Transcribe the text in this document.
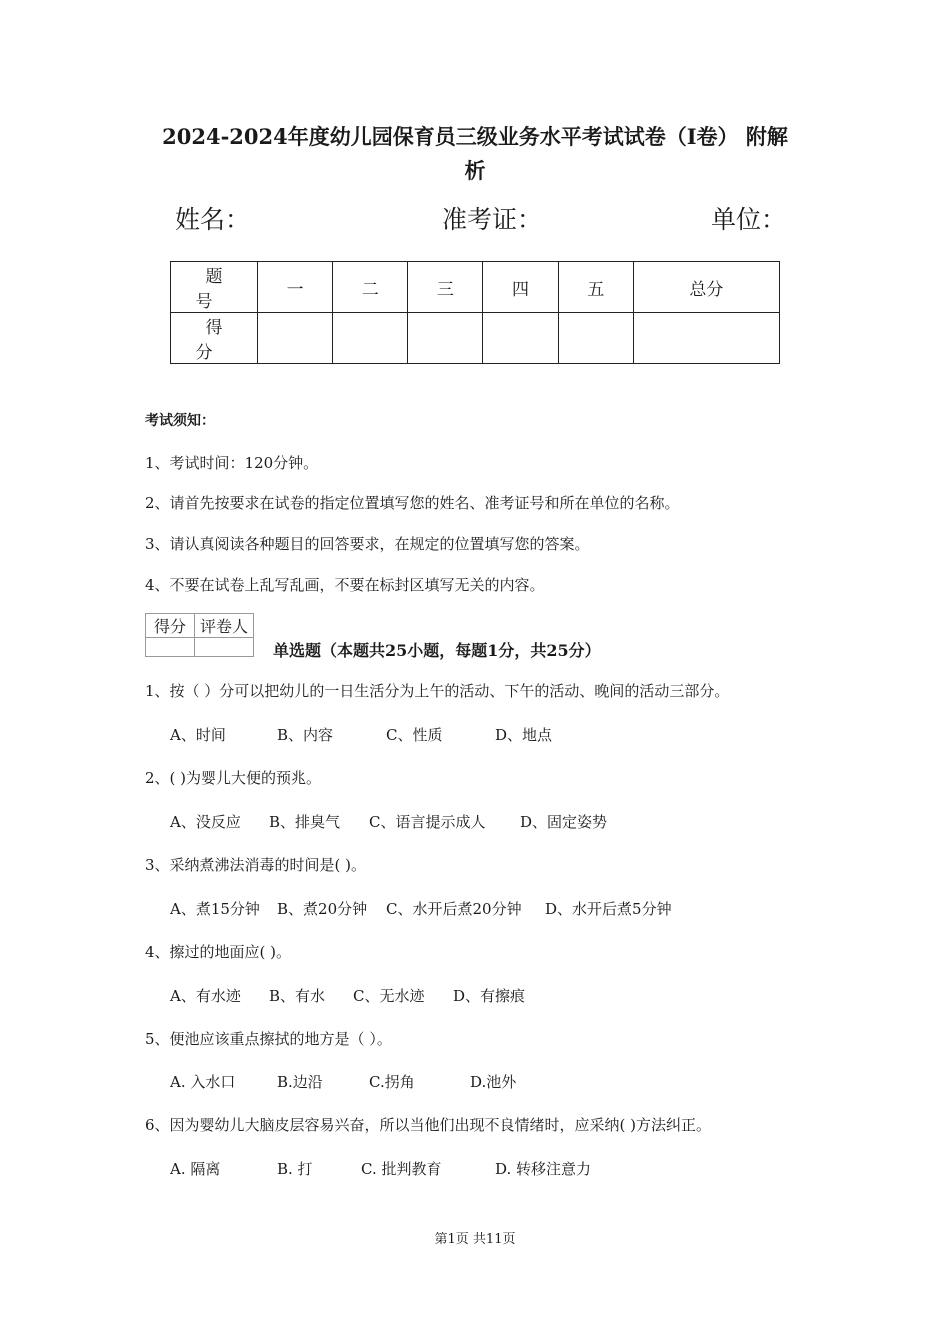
2024-2024年度幼儿园保育员三级业务水平考试试卷（I卷） 附解
析
姓名：	准考证：	单位：
题号	一	二	三	四	五	总分
得分						
考试须知：
1、考试时间：120分钟。
2、请首先按要求在试卷的指定位置填写您的姓名、准考证号和所在单位的名称。
3、请认真阅读各种题目的回答要求，在规定的位置填写您的答案。
4、不要在试卷上乱写乱画，不要在标封区填写无关的内容。
得分	评卷人

单选题（本题共25小题，每题1分，共25分）
1、按（ ）分可以把幼儿的一日生活分为上午的活动、下午的活动、晚间的活动三部分。
A、时间	B、内容	C、性质	D、地点
2、( )为婴儿大便的预兆。
A、没反应 B、排臭气 C、语言提示成人 D、固定姿势
3、采纳煮沸法消毒的时间是( )。
A、煮15分钟 B、煮20分钟 C、水开后煮20分钟 D、水开后煮5分钟
4、擦过的地面应( )。
A、有水迹 B、有水 C、无水迹 D、有擦痕
5、便池应该重点擦拭的地方是（ ）。
A. 入水口	B.边沿	C.拐角	D.池外
6、因为婴幼儿大脑皮层容易兴奋，所以当他们出现不良情绪时，应采纳( )方法纠正。
A. 隔离	B. 打	C. 批判教育	D. 转移注意力
第1页 共11页
